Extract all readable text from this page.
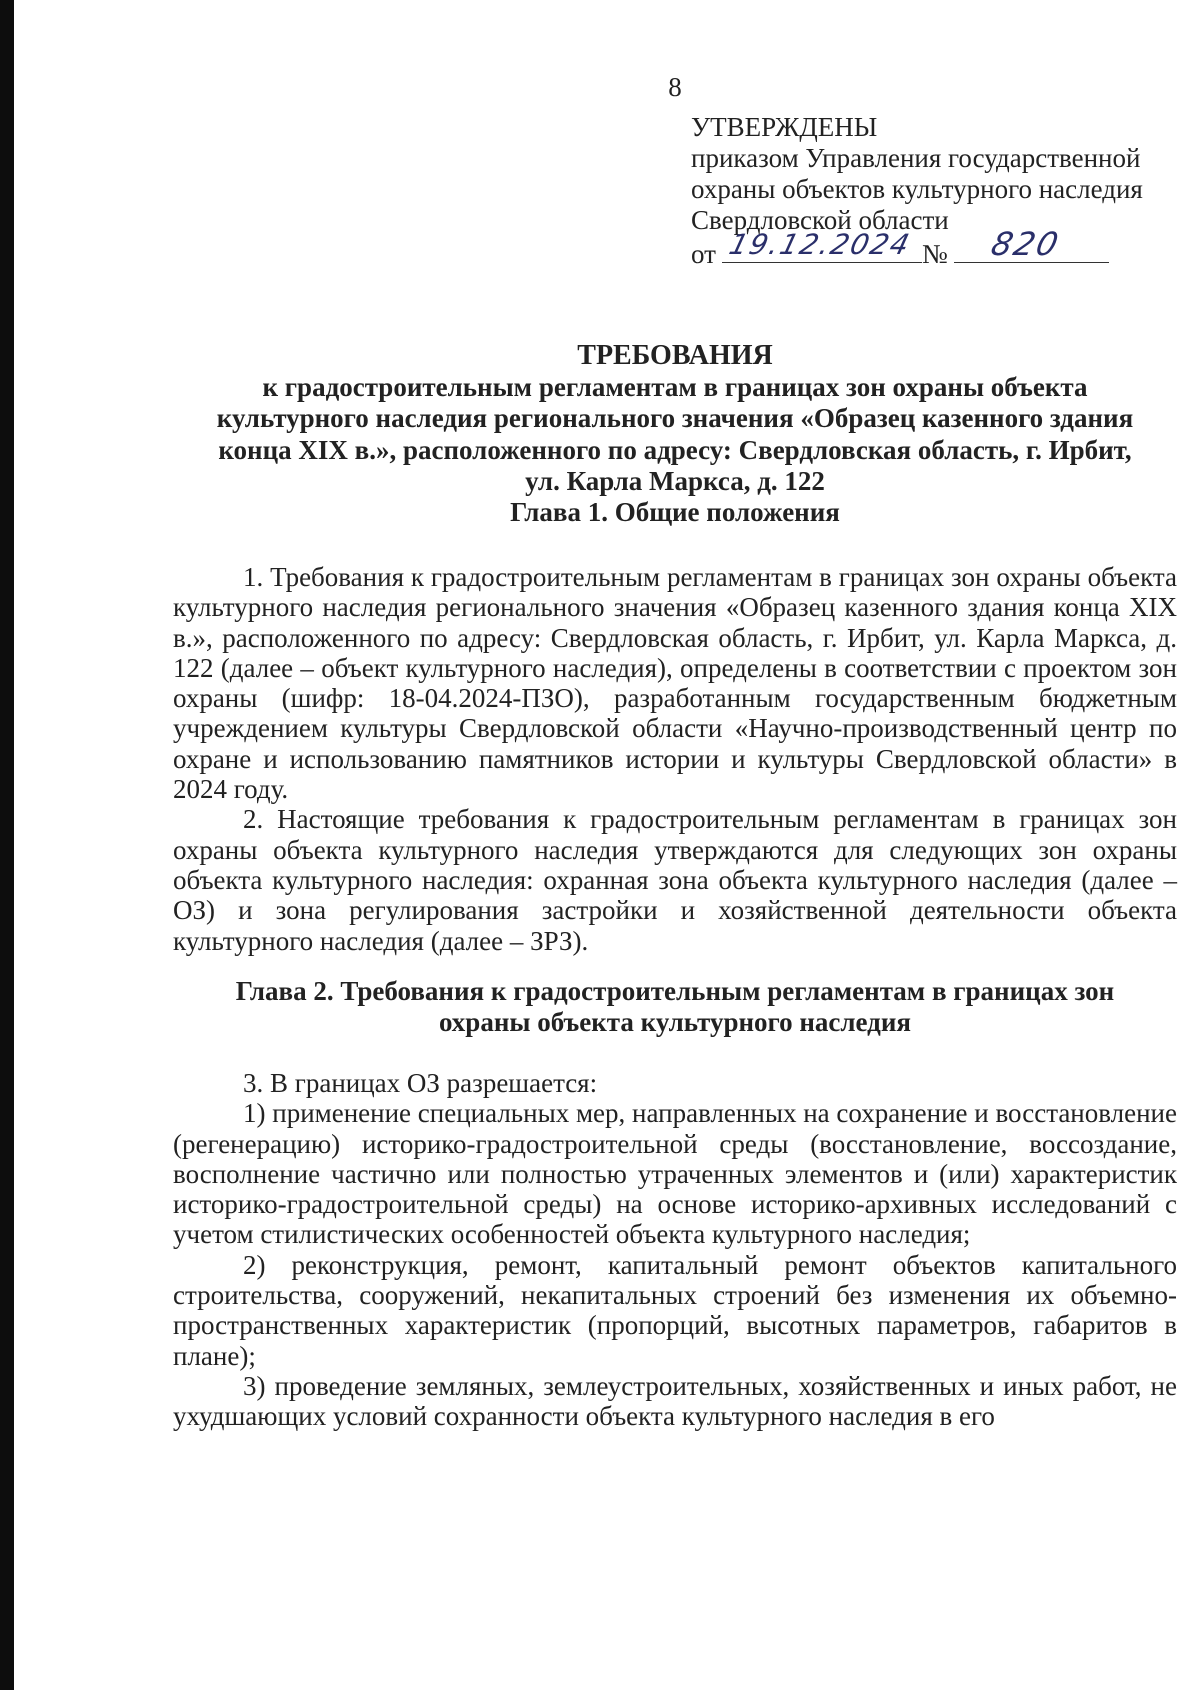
8
УТВЕРЖДЕНЫ
приказом Управления государственной
охраны объектов культурного наследия
Свердловской области
от 19.12.2024 № 820
ТРЕБОВАНИЯ
к градостроительным регламентам в границах зон охраны объекта
культурного наследия регионального значения «Образец казенного здания
конца XIX в.», расположенного по адресу: Свердловская область, г. Ирбит,
ул. Карла Маркса, д. 122
Глава 1. Общие положения

1. Требования к градостроительным регламентам в границах зон охраны объекта культурного наследия регионального значения «Образец казенного здания конца XIX в.», расположенного по адресу: Свердловская область, г. Ирбит, ул. Карла Маркса, д. 122 (далее – объект культурного наследия), определены в соответствии с проектом зон охраны (шифр: 18-04.2024-ПЗО), разработанным государственным бюджетным учреждением культуры Свердловской области «Научно-производственный центр по охране и использованию памятников истории и культуры Свердловской области» в 2024 году.

2. Настоящие требования к градостроительным регламентам в границах зон охраны объекта культурного наследия утверждаются для следующих зон охраны объекта культурного наследия: охранная зона объекта культурного наследия (далее – ОЗ) и зона регулирования застройки и хозяйственной деятельности объекта культурного наследия (далее – ЗРЗ).

Глава 2. Требования к градостроительным регламентам в границах зон
охраны объекта культурного наследия

3. В границах ОЗ разрешается:

1) применение специальных мер, направленных на сохранение и восстановление (регенерацию) историко-градостроительной среды (восстановление, воссоздание, восполнение частично или полностью утраченных элементов и (или) характеристик историко-градостроительной среды) на основе историко-архивных исследований с учетом стилистических особенностей объекта культурного наследия;

2) реконструкция, ремонт, капитальный ремонт объектов капитального строительства, сооружений, некапитальных строений без изменения их объемно-пространственных характеристик (пропорций, высотных параметров, габаритов в плане);

3) проведение земляных, землеустроительных, хозяйственных и иных работ, не ухудшающих условий сохранности объекта культурного наследия в его
